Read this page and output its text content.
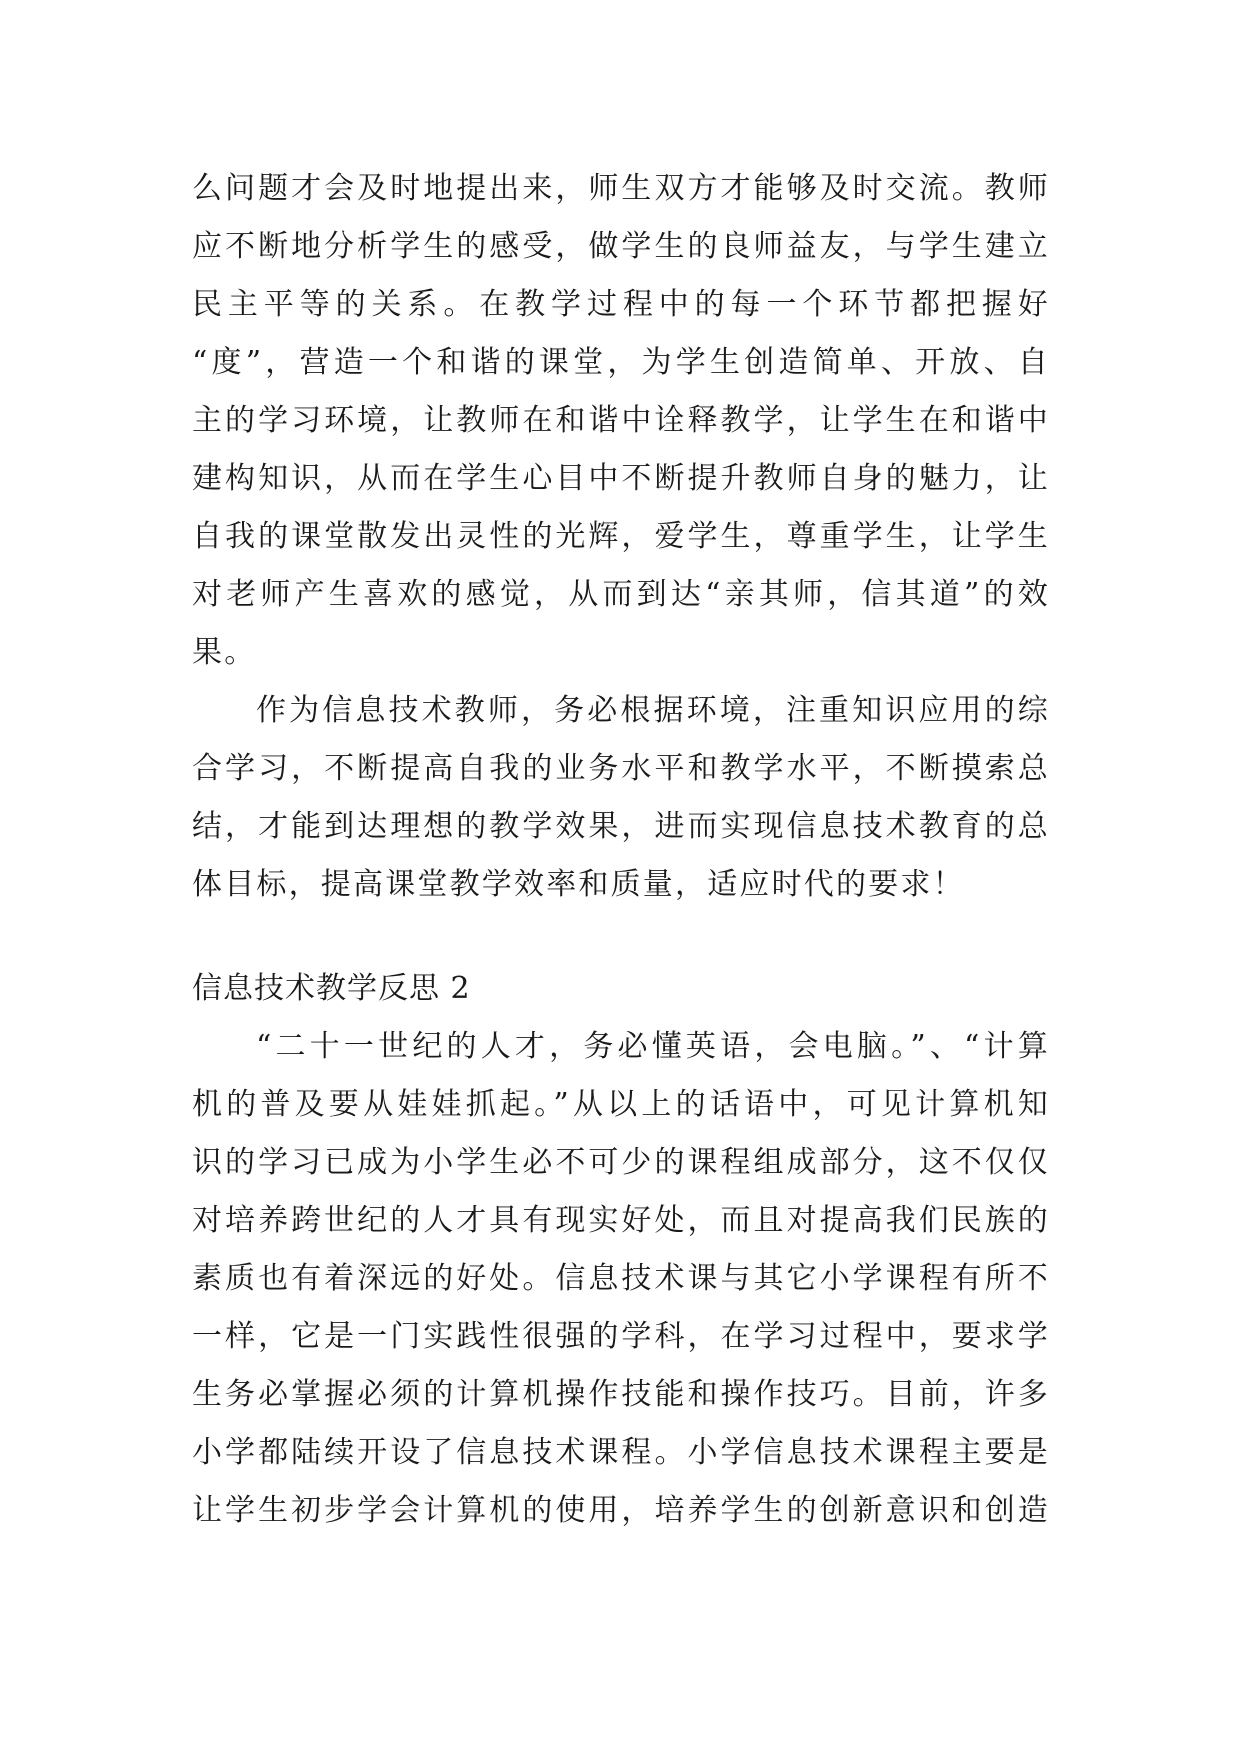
么问题才会及时地提出来，师生双方才能够及时交流。教师
应不断地分析学生的感受，做学生的良师益友，与学生建立
民主平等的关系。在教学过程中的每一个环节都把握好
“度”，营造一个和谐的课堂，为学生创造简单、开放、自
主的学习环境，让教师在和谐中诠释教学，让学生在和谐中
建构知识，从而在学生心目中不断提升教师自身的魅力，让
自我的课堂散发出灵性的光辉，爱学生，尊重学生，让学生
对老师产生喜欢的感觉，从而到达“亲其师，信其道”的效
果。
作为信息技术教师，务必根据环境，注重知识应用的综
合学习，不断提高自我的业务水平和教学水平，不断摸索总
结，才能到达理想的教学效果，进而实现信息技术教育的总
体目标，提高课堂教学效率和质量，适应时代的要求！
信息技术教学反思 2
“二十一世纪的人才，务必懂英语，会电脑。”、“计算
机的普及要从娃娃抓起。”从以上的话语中，可见计算机知
识的学习已成为小学生必不可少的课程组成部分，这不仅仅
对培养跨世纪的人才具有现实好处，而且对提高我们民族的
素质也有着深远的好处。信息技术课与其它小学课程有所不
一样，它是一门实践性很强的学科，在学习过程中，要求学
生务必掌握必须的计算机操作技能和操作技巧。目前，许多
小学都陆续开设了信息技术课程。小学信息技术课程主要是
让学生初步学会计算机的使用，培养学生的创新意识和创造
